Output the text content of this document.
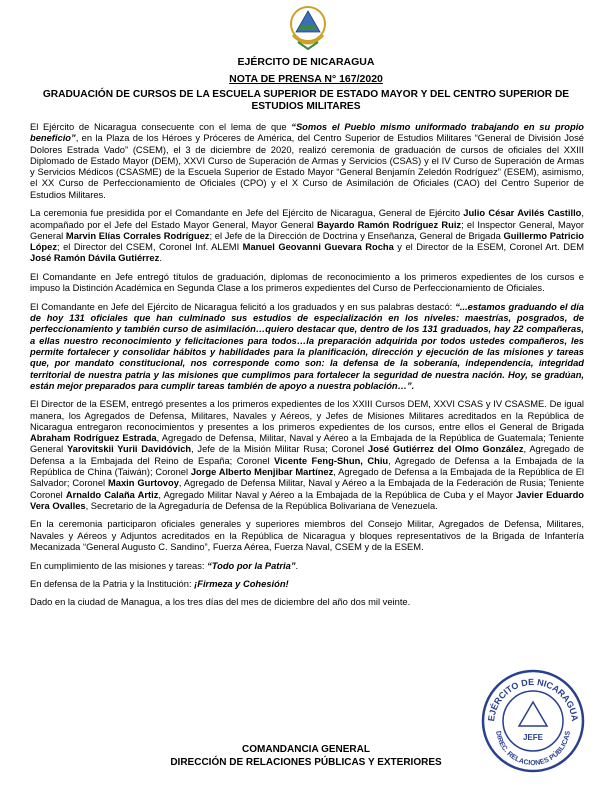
EJÉRCITO DE NICARAGUA
NOTA DE PRENSA N° 167/2020
GRADUACIÓN DE CURSOS DE LA ESCUELA SUPERIOR DE ESTADO MAYOR Y DEL CENTRO SUPERIOR DE ESTUDIOS MILITARES

El Ejército de Nicaragua consecuente con el lema de que “Somos el Pueblo mismo uniformado trabajando en su propio beneficio”, en la Plaza de los Héroes y Próceres de América, del Centro Superior de Estudios Militares “General de División José Dolores Estrada Vado” (CSEM), el 3 de diciembre de 2020, realizó ceremonia de graduación de cursos de oficiales del XXIII Diplomado de Estado Mayor (DEM), XXVI Curso de Superación de Armas y Servicios (CSAS) y el IV Curso de Superación de Armas y Servicios Médicos (CSASME) de la Escuela Superior de Estado Mayor “General Benjamín Zeledón Rodríguez” (ESEM), asimismo, el XX Curso de Perfeccionamiento de Oficiales (CPO) y el X Curso de Asimilación de Oficiales (CAO) del Centro Superior de Estudios Militares.

La ceremonia fue presidida por el Comandante en Jefe del Ejército de Nicaragua, General de Ejército Julio César Avilés Castillo, acompañado por el Jefe del Estado Mayor General, Mayor General Bayardo Ramón Rodríguez Ruiz; el Inspector General, Mayor General Marvin Elías Corrales Rodríguez; el Jefe de la Dirección de Doctrina y Enseñanza, General de Brigada Guillermo Patricio López; el Director del CSEM, Coronel Inf. ALEMI Manuel Geovanni Guevara Rocha y el Director de la ESEM, Coronel Art. DEM José Ramón Dávila Gutiérrez.

El Comandante en Jefe entregó títulos de graduación, diplomas de reconocimiento a los primeros expedientes de los cursos e impuso la Distinción Académica en Segunda Clase a los primeros expedientes del Curso de Perfeccionamiento de Oficiales.

El Comandante en Jefe del Ejército de Nicaragua felicitó a los graduados y en sus palabras destacó: “...estamos graduando el día de hoy 131 oficiales que han culminado sus estudios de especialización en los niveles: maestrías, posgrados, de perfeccionamiento y también curso de asimilación…quiero destacar que, dentro de los 131 graduados, hay 22 compañeras, a ellas nuestro reconocimiento y felicitaciones para todos…la preparación adquirida por todos ustedes compañeros, les permite fortalecer y consolidar hábitos y habilidades para la planificación, dirección y ejecución de las misiones y tareas que, por mandato constitucional, nos corresponde como son: la defensa de la soberanía, independencia, integridad territorial de nuestra patria y las misiones que cumplimos para fortalecer la seguridad de nuestra nación. Hoy, se gradúan, están mejor preparados para cumplir tareas también de apoyo a nuestra población…”.

El Director de la ESEM, entregó presentes a los primeros expedientes de los XXIII Cursos DEM, XXVI CSAS y IV CSASME. De igual manera, los Agregados de Defensa, Militares, Navales y Aéreos, y Jefes de Misiones Militares acreditados en la República de Nicaragua entregaron reconocimientos y presentes a los primeros expedientes de los cursos, entre ellos el General de Brigada Abraham Rodríguez Estrada, Agregado de Defensa, Militar, Naval y Aéreo a la Embajada de la República de Guatemala; Teniente General Yarovitskii Yurii Davidóvich, Jefe de la Misión Militar Rusa; Coronel José Gutiérrez del Olmo González, Agregado de Defensa a la Embajada del Reino de España; Coronel Vicente Feng-Shun, Chiu, Agregado de Defensa a la Embajada de la República de China (Taiwán); Coronel Jorge Alberto Menjibar Martínez, Agregado de Defensa a la Embajada de la República de El Salvador; Coronel Maxin Gurtovoy, Agregado de Defensa Militar, Naval y Aéreo a la Embajada de la Federación de Rusia; Teniente Coronel Arnaldo Calaña Artiz, Agregado Militar Naval y Aéreo a la Embajada de la República de Cuba y el Mayor Javier Eduardo Vera Ovalles, Secretario de la Agregaduría de Defensa de la República Bolivariana de Venezuela.

En la ceremonia participaron oficiales generales y superiores miembros del Consejo Militar, Agregados de Defensa, Militares, Navales y Aéreos y Adjuntos acreditados en la República de Nicaragua y bloques representativos de la Brigada de Infantería Mecanizada “General Augusto C. Sandino”, Fuerza Aérea, Fuerza Naval, CSEM y de la ESEM.

En cumplimiento de las misiones y tareas: “Todo por la Patria”.

En defensa de la Patria y la Institución: ¡Firmeza y Cohesión!

Dado en la ciudad de Managua, a los tres días del mes de diciembre del año dos mil veinte.

COMANDANCIA GENERAL
DIRECCIÓN DE RELACIONES PÚBLICAS Y EXTERIORES
EJÉRCITO DE NICARAGUA
DIREC. RELACIONES PÚBLICAS
JEFE
